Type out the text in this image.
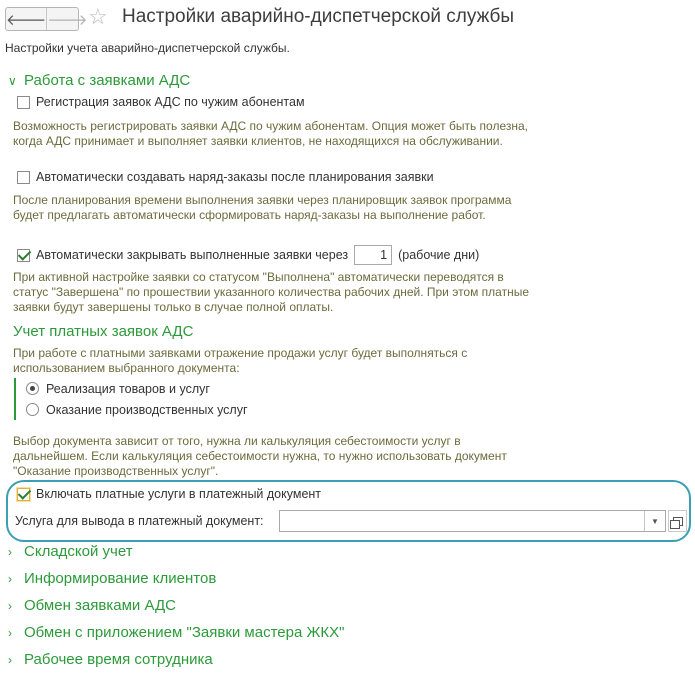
🡐 🡒 ☆ Настройки аварийно-диспетчерской службы
Настройки учета аварийно-диспетчерской службы.
∨ Работа с заявками АДС
Регистрация заявок АДС по чужим абонентам
Возможность регистрировать заявки АДС по чужим абонентам. Опция может быть полезна, когда АДС принимает и выполняет заявки клиентов, не находящихся на обслуживании.
Автоматически создавать наряд-заказы после планирования заявки
После планирования времени выполнения заявки через планировщик заявок программа будет предлагать автоматически сформировать наряд-заказы на выполнение работ.
Автоматически закрывать выполненные заявки через	1 (рабочие дни)
При активной настройке заявки со статусом "Выполнена" автоматически переводятся в статус "Завершена" по прошествии указанного количества рабочих дней. При этом платные заявки будут завершены только в случае полной оплаты.
Учет платных заявок АДС
При работе с платными заявками отражение продажи услуг будет выполняться с использованием выбранного документа:
Реализация товаров и услуг
Оказание производственных услуг
Выбор документа зависит от того, нужна ли калькуляция себестоимости услуг в дальнейшем. Если калькуляция себестоимости нужна, то нужно использовать документ "Оказание производственных услуг".
Включать платные услуги в платежный документ
Услуга для вывода в платежный документ:	▼
› Складской учет
› Информирование клиентов
› Обмен заявками АДС
› Обмен с приложением "Заявки мастера ЖКХ"
› Рабочее время сотрудника
